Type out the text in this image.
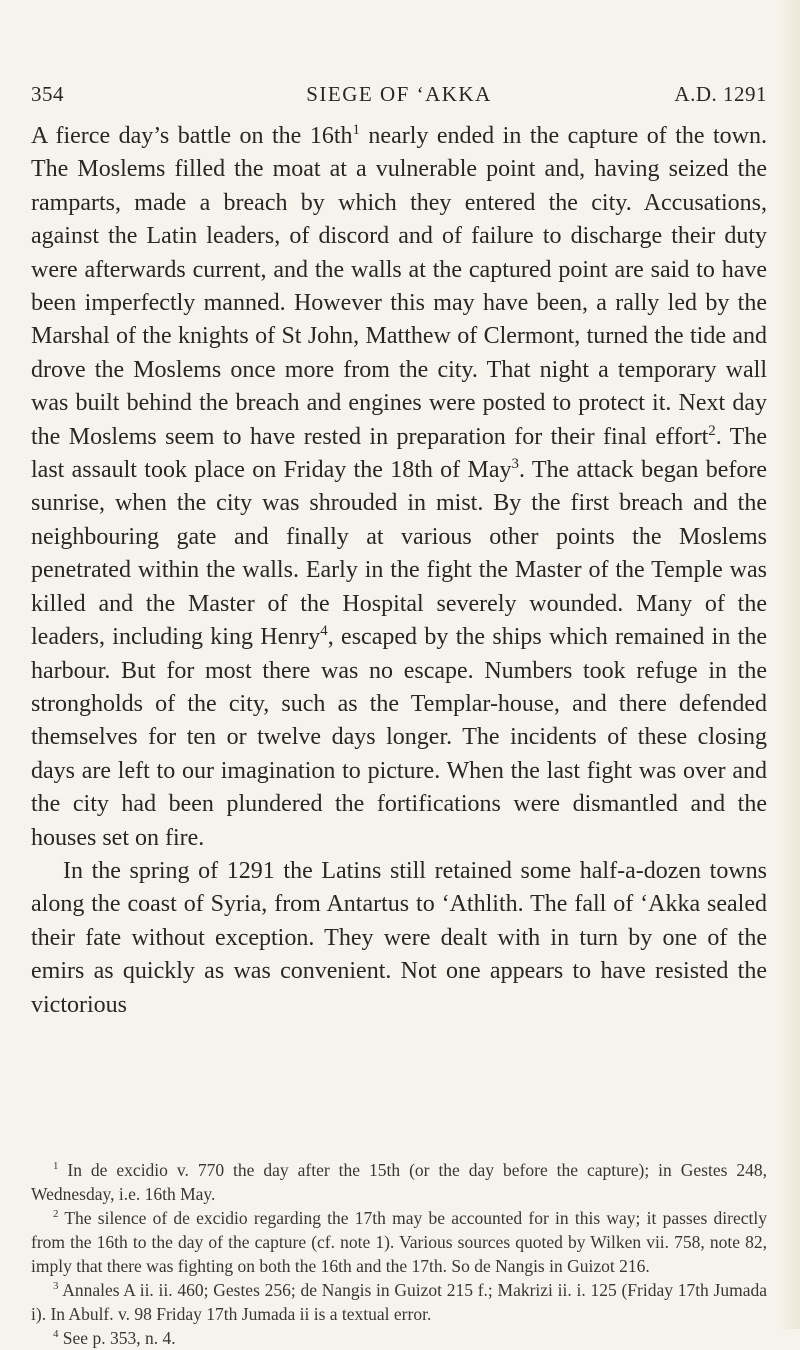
354	SIEGE OF ‘AKKA	A.D. 1291

A fierce day’s battle on the $16th^1$ nearly ended in the capture of the town. The Moslems filled the moat at a vulnerable point and, having seized the ramparts, made a breach by which they entered the city. Accusations, against the Latin leaders, of discord and of failure to discharge their duty were afterwards current, and the walls at the captured point are said to have been imperfectly manned. However this may have been, a rally led by the Marshal of the knights of St John, Matthew of Clermont, turned the tide and drove the Moslems once more from the city. That night a temporary wall was built behind the breach and engines were posted to protect it. Next day the Moslems seem to have rested in preparation for their final effort$^2$. The last assault took place on Friday the 18th of May$^3$. The attack began before sunrise, when the city was shrouded in mist. By the first breach and the neighbouring gate and finally at various other points the Moslems penetrated within the walls. Early in the fight the Master of the Temple was killed and the Master of the Hospital severely wounded. Many of the leaders, including king Henry$^4$, escaped by the ships which remained in the harbour. But for most there was no escape. Numbers took refuge in the strongholds of the city, such as the Templar-house, and there defended themselves for ten or twelve days longer. The incidents of these closing days are left to our imagination to picture. When the last fight was over and the city had been plundered the fortifications were dismantled and the houses set on fire.

In the spring of 1291 the Latins still retained some half-a-dozen towns along the coast of Syria, from Antartus to ‘Athlith. The fall of ‘Akka sealed their fate without exception. They were dealt with in turn by one of the emirs as quickly as was convenient. Not one appears to have resisted the victorious

$^1$ In de excidio v. 770 the day after the 15th (or the day before the capture); in Gestes 248, Wednesday, i.e. 16th May.

$^2$ The silence of de excidio regarding the 17th may be accounted for in this way; it passes directly from the 16th to the day of the capture (cf. note 1). Various sources quoted by Wilken vii. 758, note 82, imply that there was fighting on both the 16th and the 17th. So de Nangis in Guizot 216.

$^3$ Annales A ii. ii. 460; Gestes 256; de Nangis in Guizot 215 f.; Makrizi ii. i. 125 (Friday 17th Jumada i). In Abulf. v. 98 Friday 17th Jumada ii is a textual error.

$^4$ See p. 353, n. 4.
